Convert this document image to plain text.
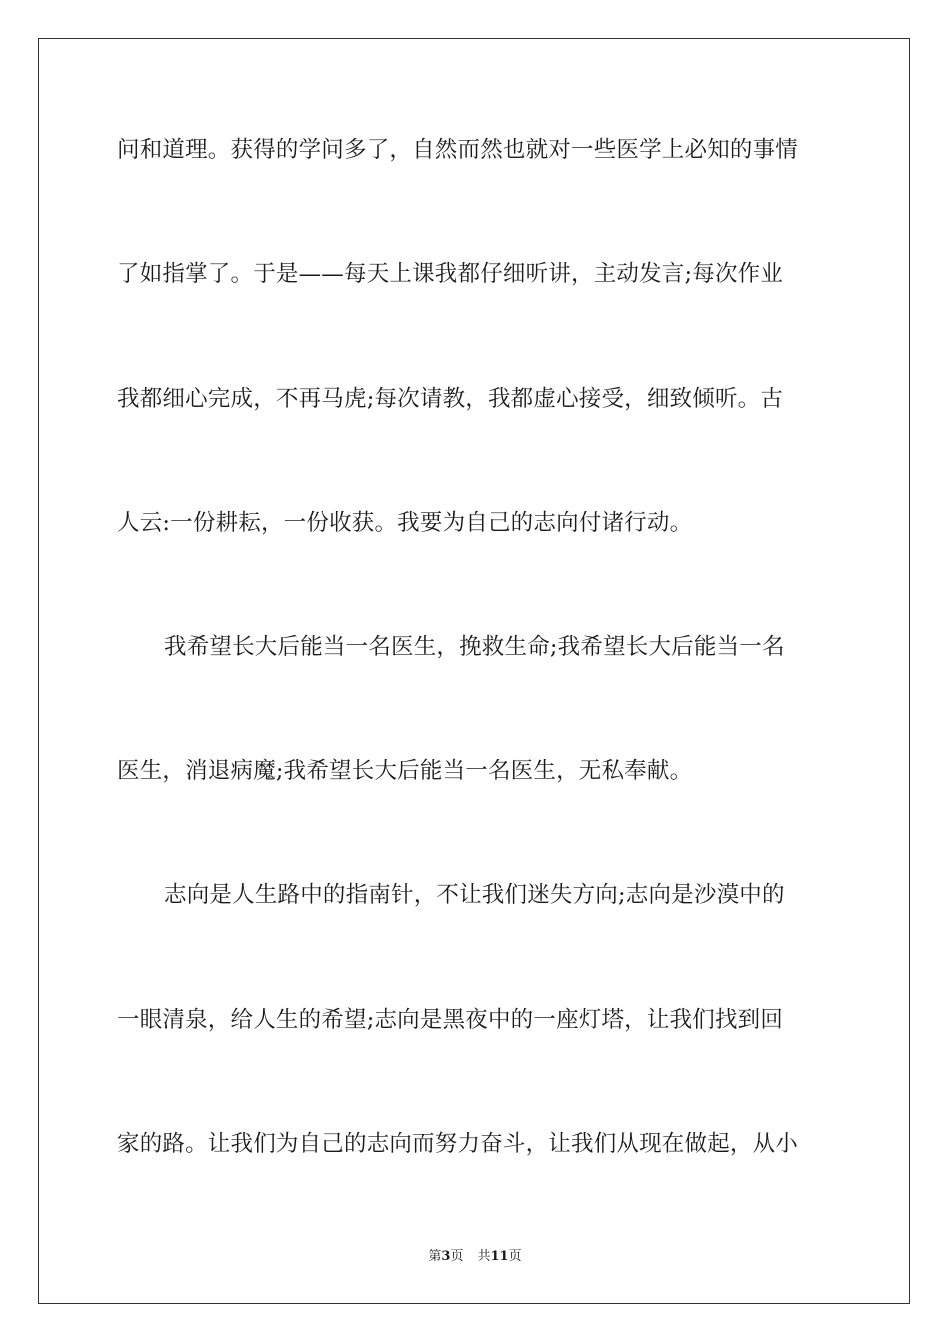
问和道理。获得的学问多了，自然而然也就对一些医学上必知的事情
了如指掌了。于是——每天上课我都仔细听讲，主动发言;每次作业
我都细心完成，不再马虎;每次请教，我都虚心接受，细致倾听。古
人云:一份耕耘，一份收获。我要为自己的志向付诸行动。
我希望长大后能当一名医生，挽救生命;我希望长大后能当一名
医生，消退病魔;我希望长大后能当一名医生，无私奉献。
志向是人生路中的指南针，不让我们迷失方向;志向是沙漠中的
一眼清泉，给人生的希望;志向是黑夜中的一座灯塔，让我们找到回
家的路。让我们为自己的志向而努力奋斗，让我们从现在做起，从小
第3页 共11页
